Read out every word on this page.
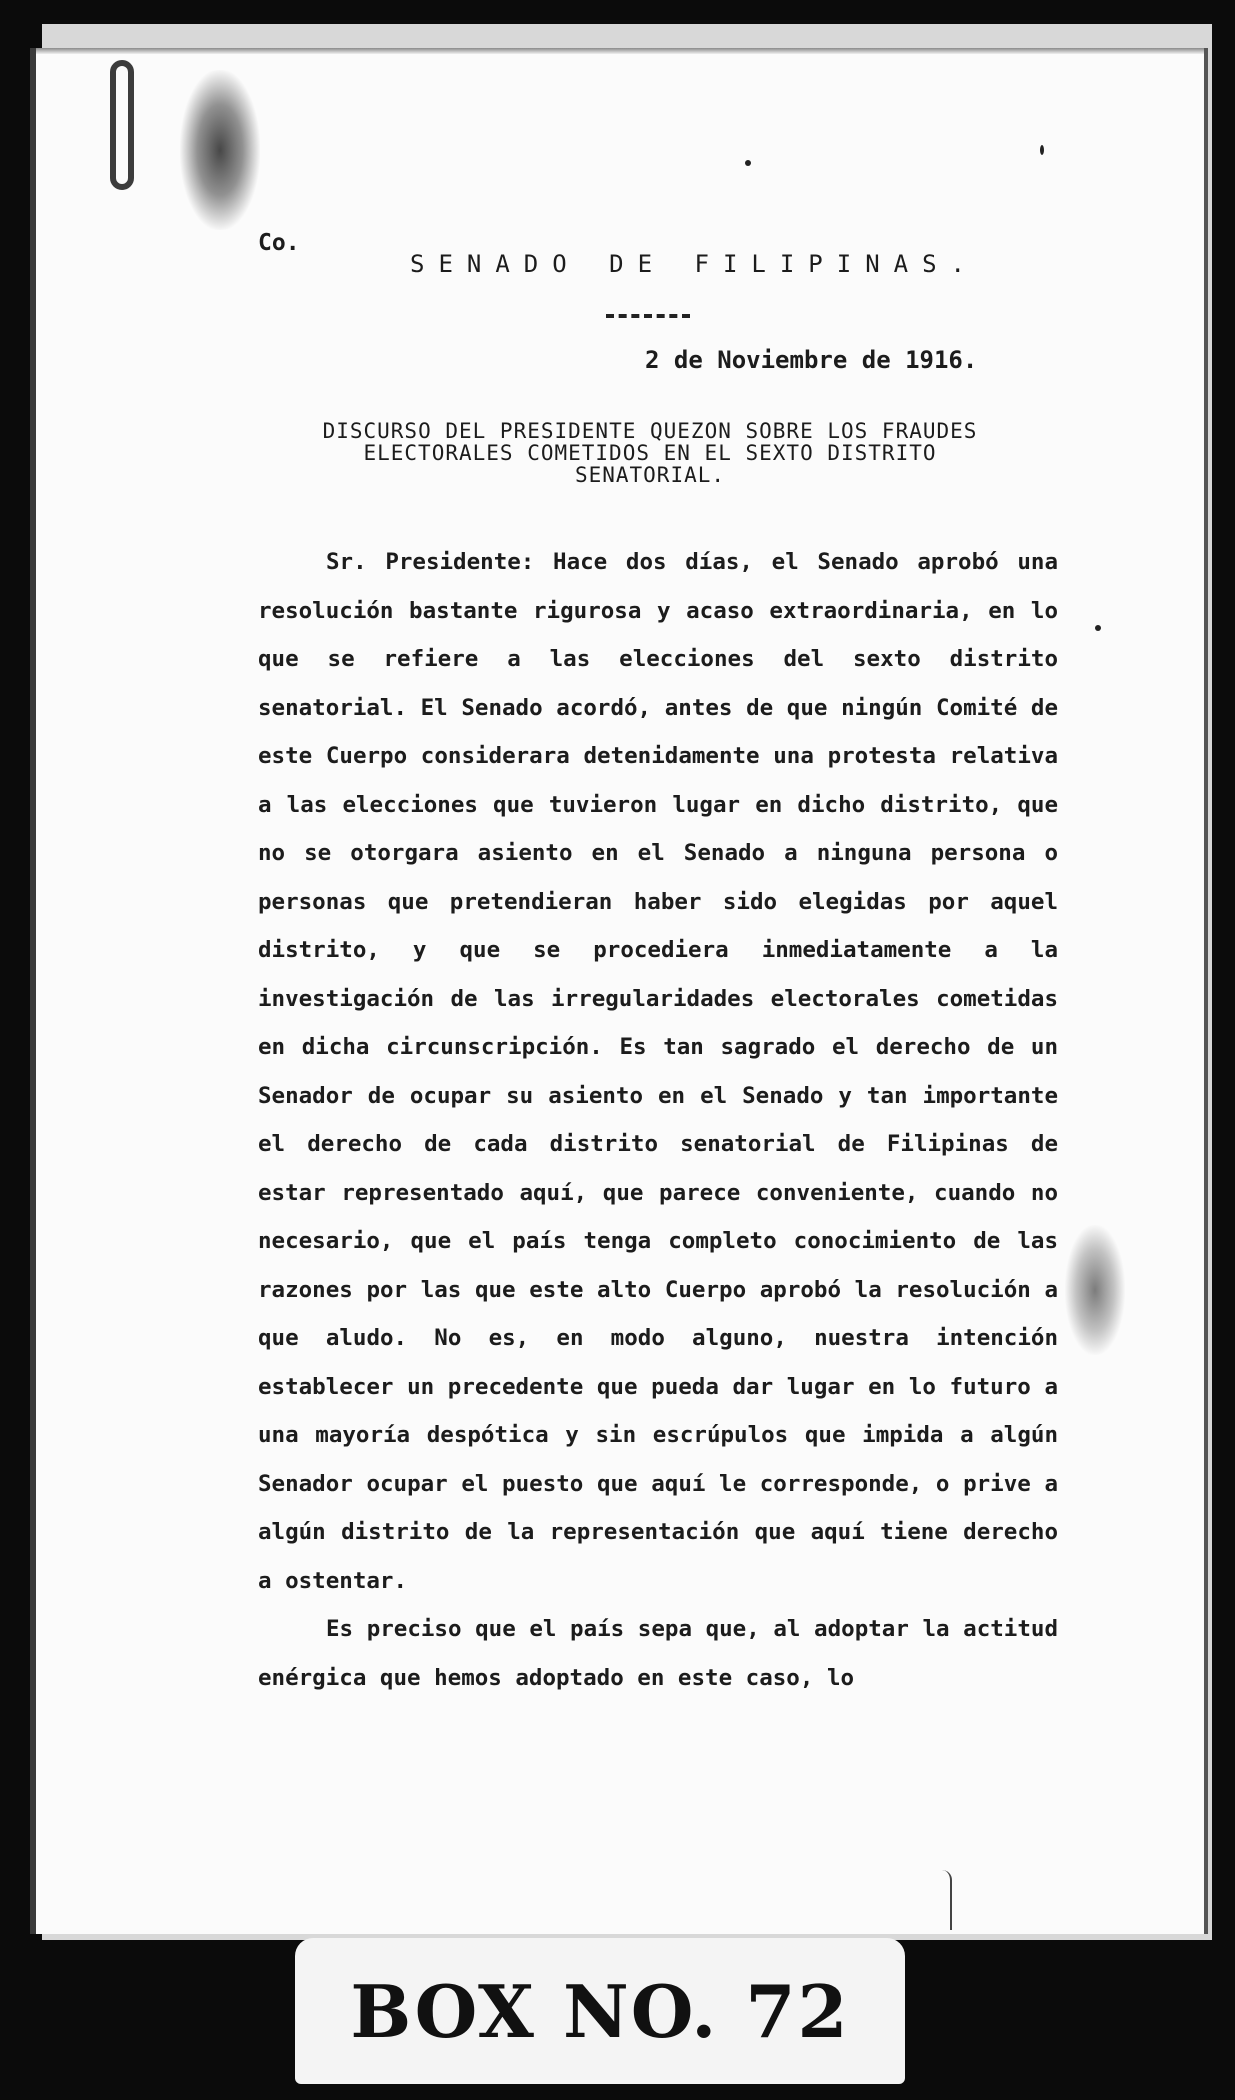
Co.
SENADO DE FILIPINAS.
2 de Noviembre de 1916.
DISCURSO DEL PRESIDENTE QUEZON SOBRE LOS FRAUDES ELECTORALES COMETIDOS EN EL SEXTO DISTRITO SENATORIAL.

Sr. Presidente: Hace dos días, el Senado aprobó una resolución bastante rigurosa y acaso extraordinaria, en lo que se refiere a las elecciones del sexto distrito senatorial. El Senado acordó, antes de que ningún Comité de este Cuerpo considerara detenidamente una protesta relativa a las elecciones que tuvieron lugar en dicho distrito, que no se otorgara asiento en el Senado a ninguna persona o personas que pretendieran haber sido elegidas por aquel distrito, y que se procediera inmediatamente a la investigación de las irregularidades electorales cometidas en dicha circunscripción. Es tan sagrado el derecho de un Senador de ocupar su asiento en el Senado y tan importante el derecho de cada distrito senatorial de Filipinas de estar representado aquí, que parece conveniente, cuando no necesario, que el país tenga completo conocimiento de las razones por las que este alto Cuerpo aprobó la resolución a que aludo. No es, en modo alguno, nuestra intención establecer un precedente que pueda dar lugar en lo futuro a una mayoría despótica y sin escrúpulos que impida a algún Senador ocupar el puesto que aquí le corresponde, o prive a algún distrito de la representación que aquí tiene derecho a ostentar.

Es preciso que el país sepa que, al adoptar la actitud enérgica que hemos adoptado en este caso, lo

BOX NO. 72
